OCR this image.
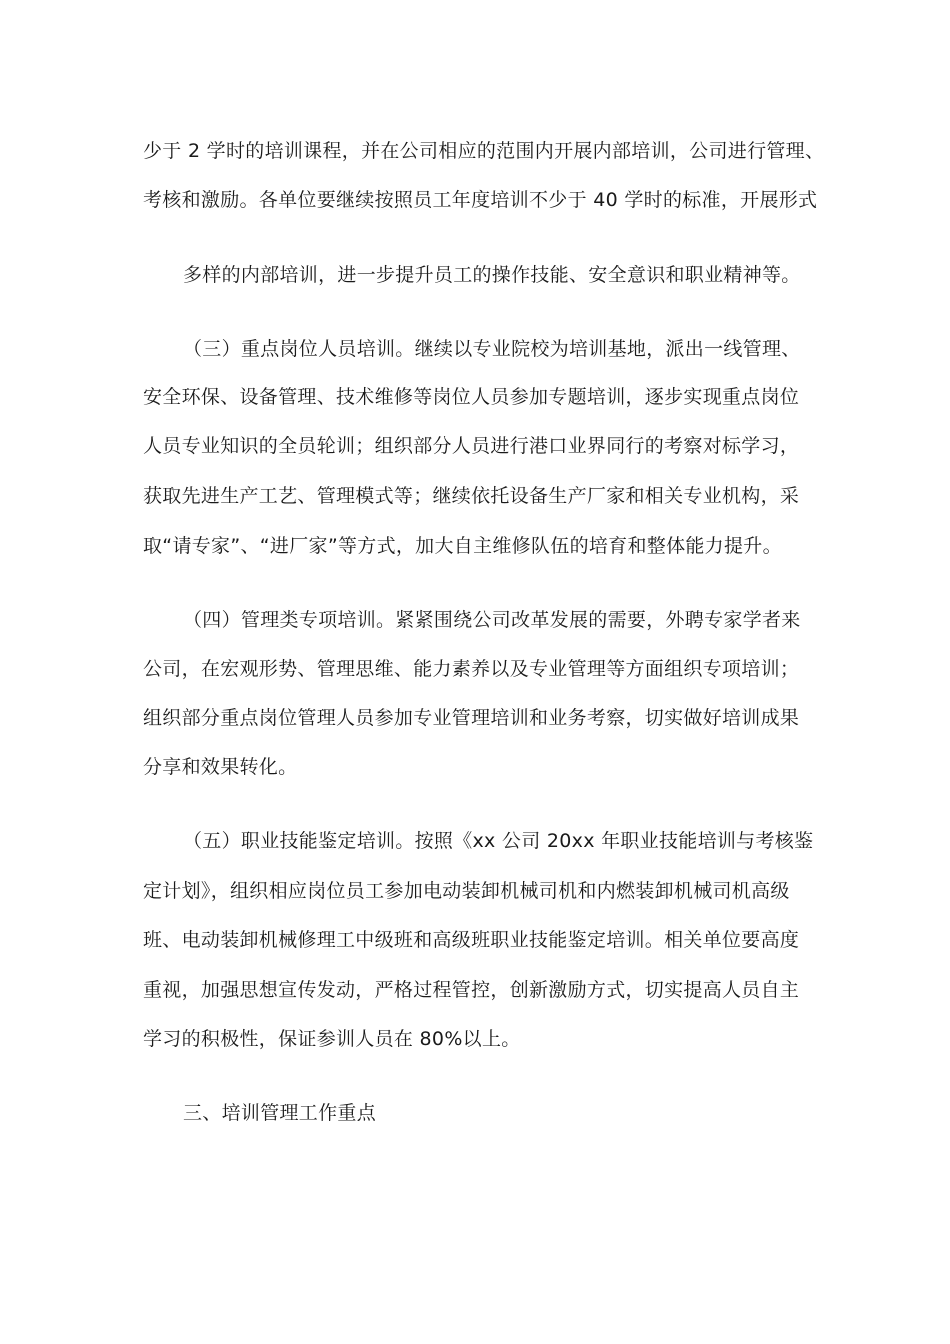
少于 2 学时的培训课程，并在公司相应的范围内开展内部培训，公司进行管理、
考核和激励。各单位要继续按照员工年度培训不少于 40 学时的标准，开展形式
多样的内部培训，进一步提升员工的操作技能、安全意识和职业精神等。
（三）重点岗位人员培训。继续以专业院校为培训基地，派出一线管理、
安全环保、设备管理、技术维修等岗位人员参加专题培训，逐步实现重点岗位
人员专业知识的全员轮训；组织部分人员进行港口业界同行的考察对标学习，
获取先进生产工艺、管理模式等；继续依托设备生产厂家和相关专业机构，采
取“请专家”、“进厂家”等方式，加大自主维修队伍的培育和整体能力提升。
（四）管理类专项培训。紧紧围绕公司改革发展的需要，外聘专家学者来
公司，在宏观形势、管理思维、能力素养以及专业管理等方面组织专项培训；
组织部分重点岗位管理人员参加专业管理培训和业务考察，切实做好培训成果
分享和效果转化。
（五）职业技能鉴定培训。按照《xx 公司 20xx 年职业技能培训与考核鉴
定计划》，组织相应岗位员工参加电动装卸机械司机和内燃装卸机械司机高级
班、电动装卸机械修理工中级班和高级班职业技能鉴定培训。相关单位要高度
重视，加强思想宣传发动，严格过程管控，创新激励方式，切实提高人员自主
学习的积极性，保证参训人员在 80%以上。
三、培训管理工作重点
